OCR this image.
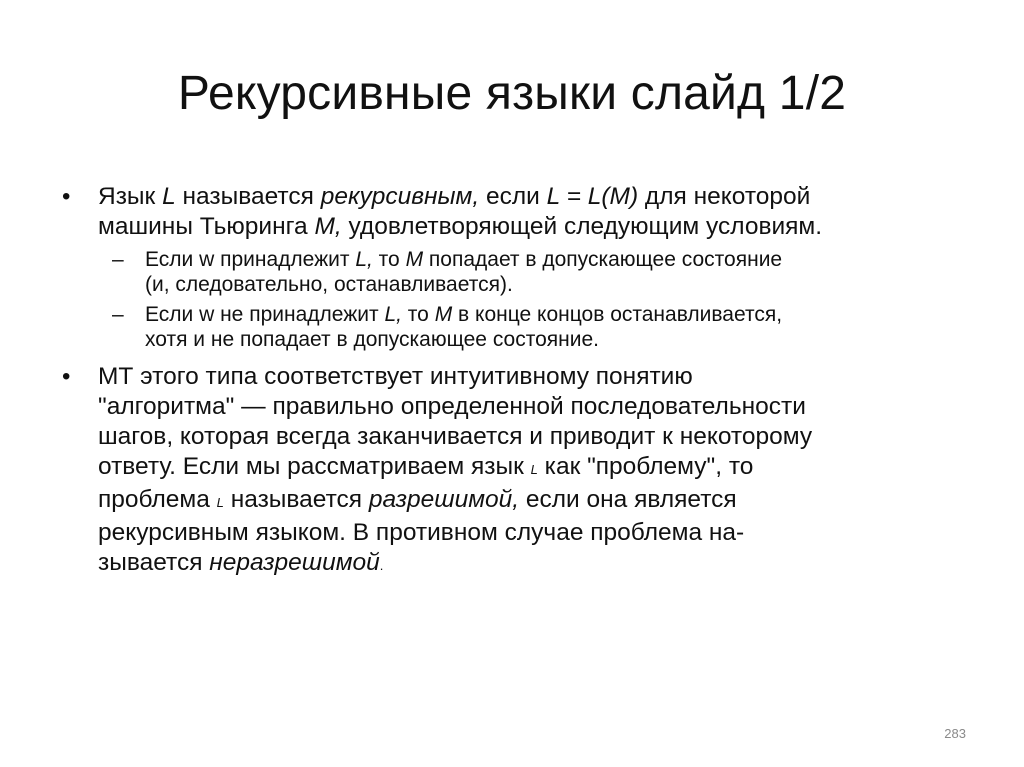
Рекурсивные языки слайд 1/2
• Язык L называется рекурсивным, если L = L(M) для некоторой
машины Тьюринга M, удовлетворяющей следующим условиям.
– Если w принадлежит L, то M попадает в допускающее состояние
(и, следовательно, останавливается).
– Если w не принадлежит L, то M в конце концов останавливается,
хотя и не попадает в допускающее состояние.
• МТ этого типа соответствует интуитивному понятию
"алгоритма" — правильно определенной последовательности
шагов, которая всегда заканчивается и приводит к некоторому
ответу. Если мы рассматриваем язык L как "проблему", то
проблема L называется разрешимой, если она является
рекурсивным языком. В противном случае проблема на-
зывается неразрешимой.
283
